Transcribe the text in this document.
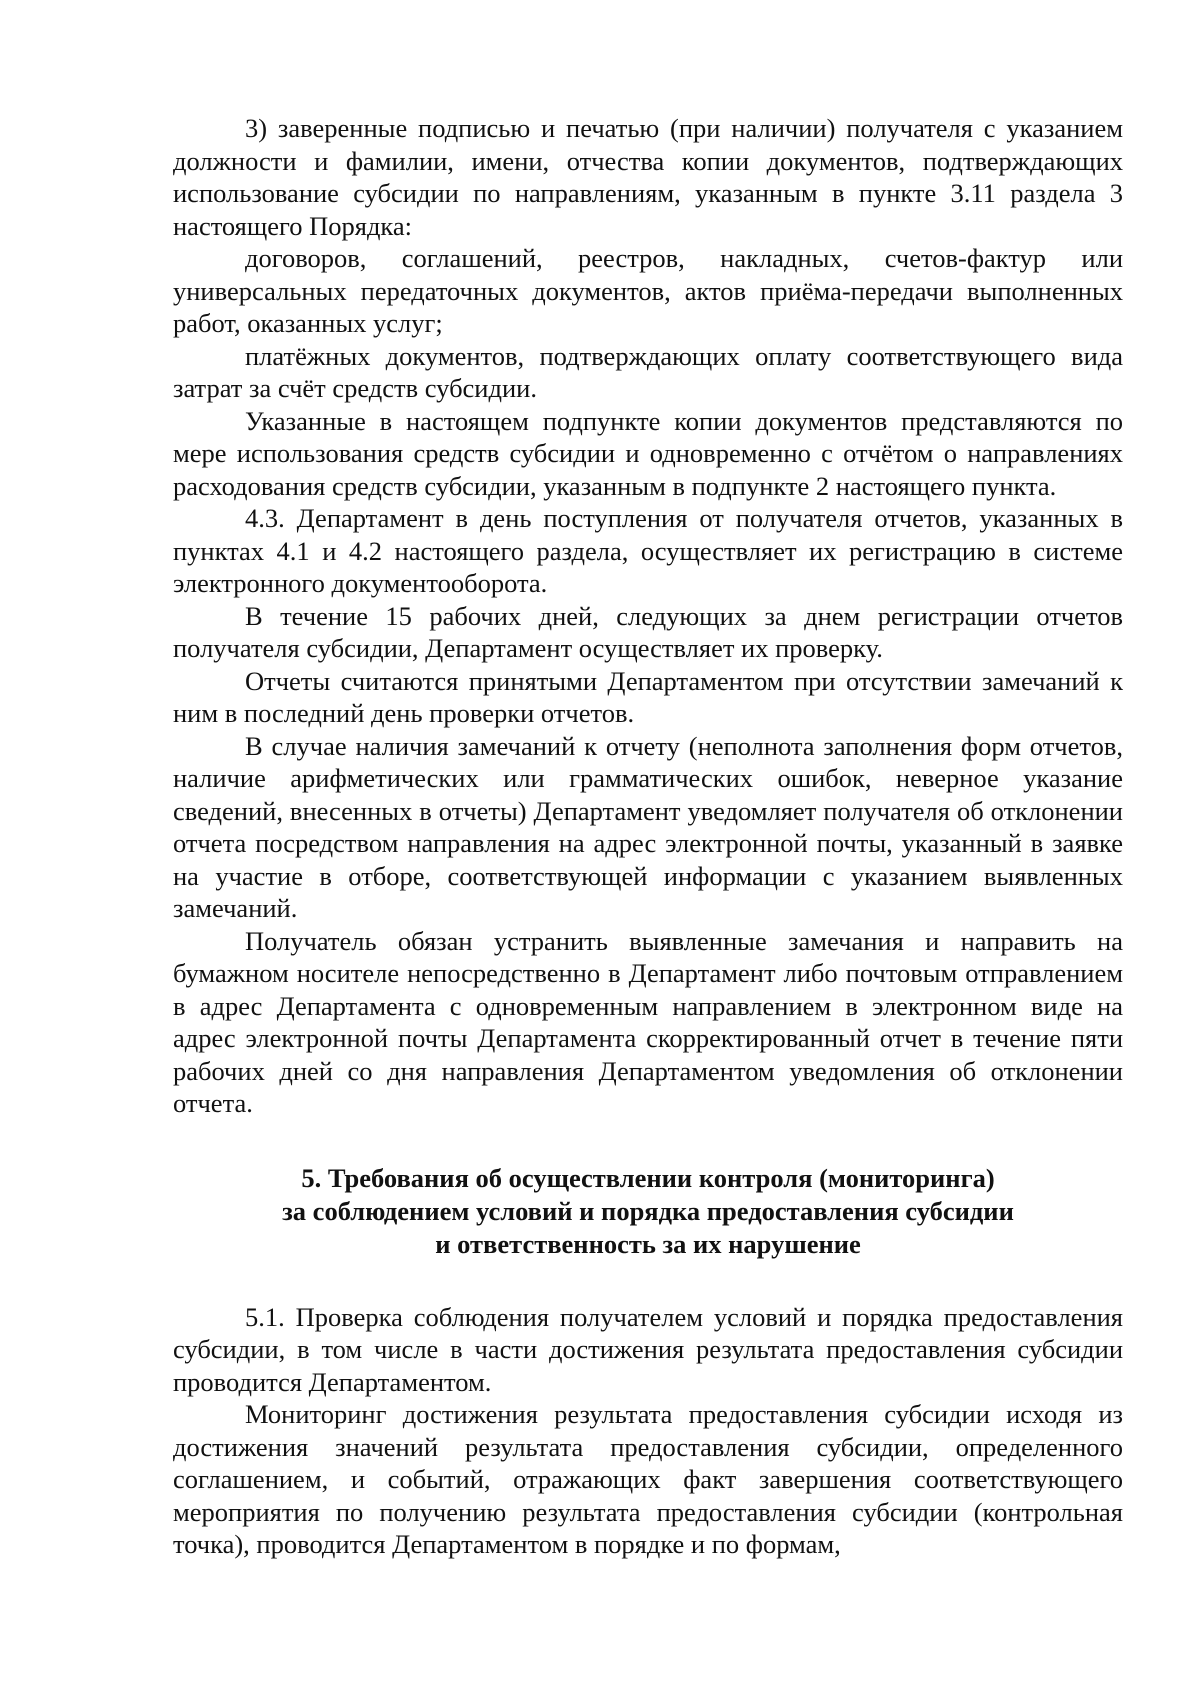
3) заверенные подписью и печатью (при наличии) получателя с указанием должности и фамилии, имени, отчества копии документов, подтверждающих использование субсидии по направлениям, указанным в пункте 3.11 раздела 3 настоящего Порядка:

договоров, соглашений, реестров, накладных, счетов-фактур или универсальных передаточных документов, актов приёма-передачи выполненных работ, оказанных услуг;

платёжных документов, подтверждающих оплату соответствующего вида затрат за счёт средств субсидии.

Указанные в настоящем подпункте копии документов представляются по мере использования средств субсидии и одновременно с отчётом о направлениях расходования средств субсидии, указанным в подпункте 2 настоящего пункта.

4.3. Департамент в день поступления от получателя отчетов, указанных в пунктах 4.1 и 4.2 настоящего раздела, осуществляет их регистрацию в системе электронного документооборота.

В течение 15 рабочих дней, следующих за днем регистрации отчетов получателя субсидии, Департамент осуществляет их проверку.

Отчеты считаются принятыми Департаментом при отсутствии замечаний к ним в последний день проверки отчетов.

В случае наличия замечаний к отчету (неполнота заполнения форм отчетов, наличие арифметических или грамматических ошибок, неверное указание сведений, внесенных в отчеты) Департамент уведомляет получателя об отклонении отчета посредством направления на адрес электронной почты, указанный в заявке на участие в отборе, соответствующей информации с указанием выявленных замечаний.

Получатель обязан устранить выявленные замечания и направить на бумажном носителе непосредственно в Департамент либо почтовым отправлением в адрес Департамента с одновременным направлением в электронном виде на адрес электронной почты Департамента скорректированный отчет в течение пяти рабочих дней со дня направления Департаментом уведомления об отклонении отчета.

5. Требования об осуществлении контроля (мониторинга)
за соблюдением условий и порядка предоставления субсидии
и ответственность за их нарушение

5.1. Проверка соблюдения получателем условий и порядка предоставления субсидии, в том числе в части достижения результата предоставления субсидии проводится Департаментом.

Мониторинг достижения результата предоставления субсидии исходя из достижения значений результата предоставления субсидии, определенного соглашением, и событий, отражающих факт завершения соответствующего мероприятия по получению результата предоставления субсидии (контрольная точка), проводится Департаментом в порядке и по формам,
